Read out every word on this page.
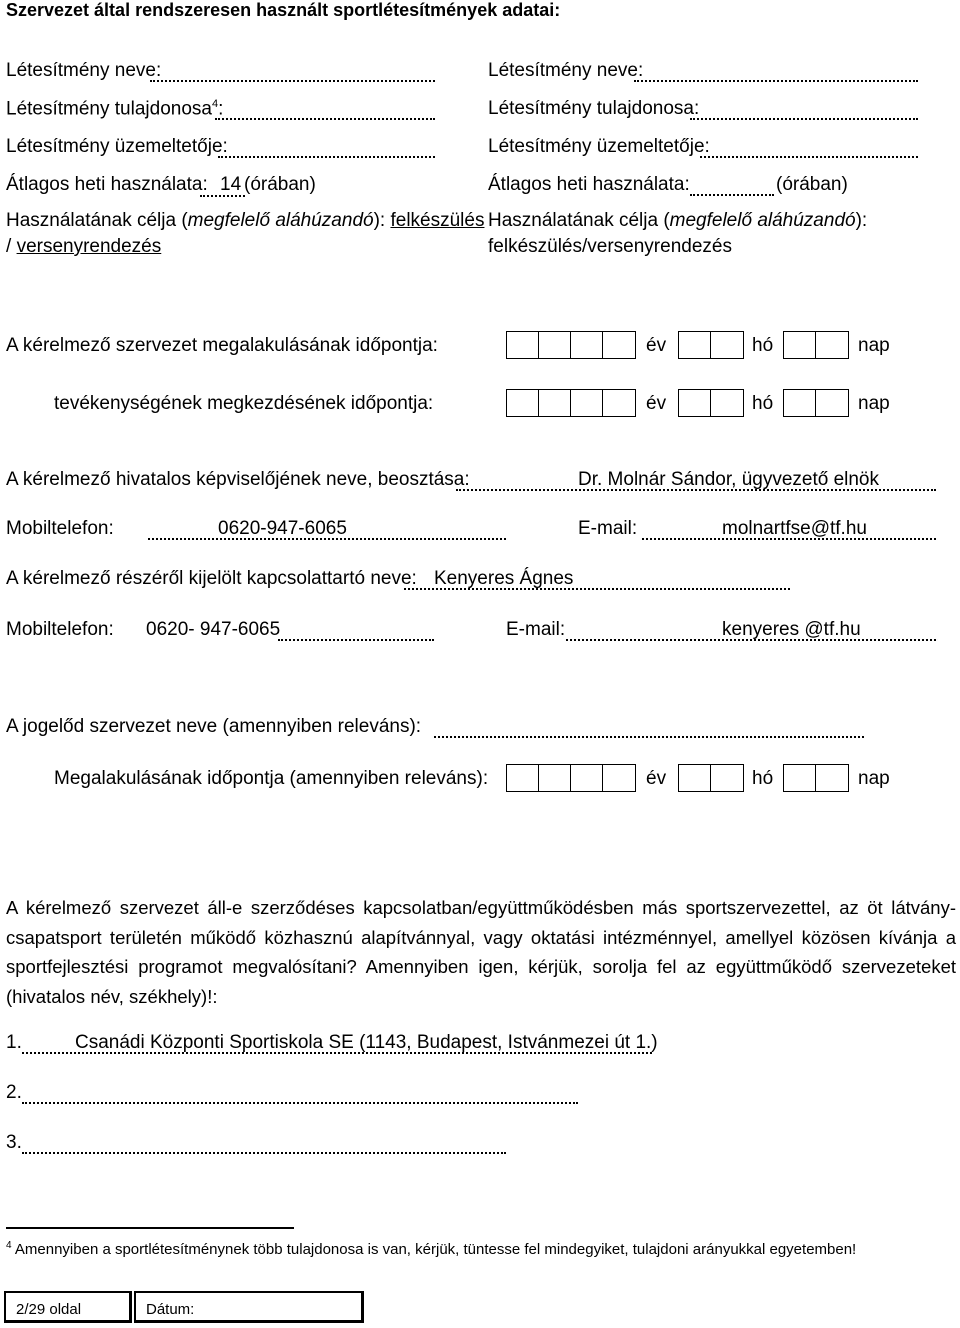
Szervezet által rendszeresen használt sportlétesítmények adatai:
Létesítmény neve:
Létesítmény tulajdonosa$^4$:
Létesítmény üzemeltetője:
Átlagos heti használata: 14 (órában)
Használatának célja (megfelelő aláhúzandó): felkészülés
/ versenyrendezés
Létesítmény neve:
Létesítmény tulajdonosa:
Létesítmény üzemeltetője:
Átlagos heti használata:	(órában)
Használatának célja (megfelelő aláhúzandó):
felkészülés/versenyrendezés
A kérelmező szervezet megalakulásának időpontja:	év	hó	nap
tevékenységének megkezdésének időpontja:	év	hó	nap
A kérelmező hivatalos képviselőjének neve, beosztása:	Dr. Molnár Sándor, ügyvezető elnök
Mobiltelefon:	0620-947-6065	E-mail:	molnartfse@tf.hu
A kérelmező részéről kijelölt kapcsolattartó neve: Kenyeres Ágnes
Mobiltelefon: 0620- 947-6065	E-mail:	kenyeres @tf.hu
A jogelőd szervezet neve (amennyiben releváns):
Megalakulásának időpontja (amennyiben releváns):	év	hó	nap
A kérelmező szervezet áll-e szerződéses kapcsolatban/együttműködésben más sportszervezettel, az öt látvány-
csapatsport területén működő közhasznú alapítvánnyal, vagy oktatási intézménnyel, amellyel közösen kívánja a
sportfejlesztési programot megvalósítani? Amennyiben igen, kérjük, sorolja fel az együttműködő szervezeteket
(hivatalos név, székhely)!:
1.	Csanádi Központi Sportiskola SE (1143, Budapest, Istvánmezei út 1.)
2.
3.
$^4$ Amennyiben a sportlétesítménynek több tulajdonosa is van, kérjük, tüntesse fel mindegyiket, tulajdoni arányukkal egyetemben!
2/29 oldal	Dátum:
